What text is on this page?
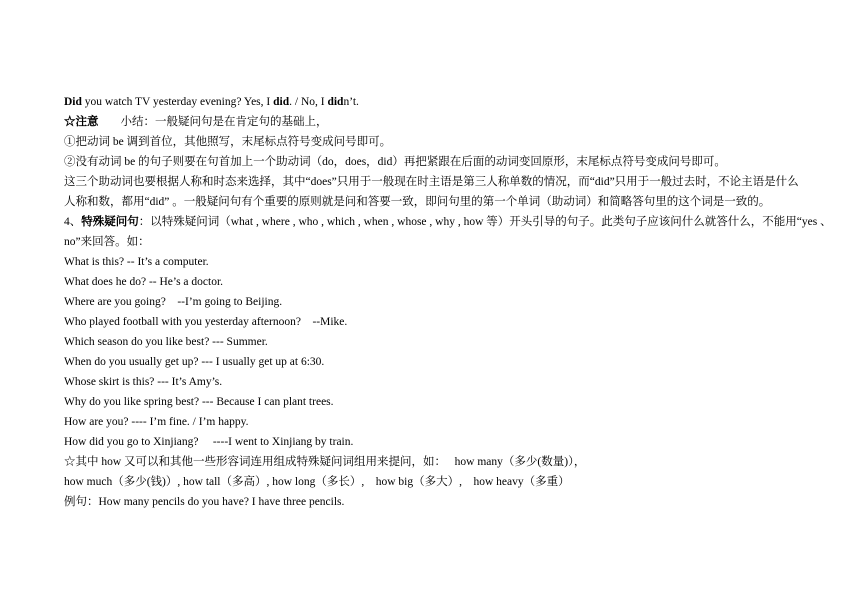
Did you watch TV yesterday evening? Yes, I did. / No, I didn’t.
☆注意 小结：一般疑问句是在肯定句的基础上，
①把动词 be 调到首位，其他照写，末尾标点符号变成问号即可。
②没有动词 be 的句子则要在句首加上一个助动词（do，does，did）再把紧跟在后面的动词变回原形，末尾标点符号变成问号即可。
这三个助动词也要根据人称和时态来选择，其中“does”只用于一般现在时主语是第三人称单数的情况，而“did”只用于一般过去时，不论主语是什么
人称和数，都用“did” 。一般疑问句有个重要的原则就是问和答要一致，即问句里的第一个单词（助动词）和简略答句里的这个词是一致的。
4、特殊疑问句：以特殊疑问词（what , where , who , which , when , whose , why , how 等）开头引导的句子。此类句子应该问什么就答什么，不能用“yes 、
no”来回答。如：
What is this? -- It’s a computer.
What does he do? -- He’s a doctor.
Where are you going?    --I’m going to Beijing.
Who played football with you yesterday afternoon?    --Mike.
Which season do you like best? --- Summer.
When do you usually get up? --- I usually get up at 6:30.
Whose skirt is this? --- It’s Amy’s.
Why do you like spring best? --- Because I can plant trees.
How are you? ---- I’m fine. / I’m happy.
How did you go to Xinjiang?     ----I went to Xinjiang by train.
☆其中 how 又可以和其他一些形容词连用组成特殊疑问词组用来提问，如：   how many（多少(数量)），
how much（多少(钱)）, how tall（多高）, how long（多长）,    how big（多大）,    how heavy（多重）
例句：How many pencils do you have? I have three pencils.
